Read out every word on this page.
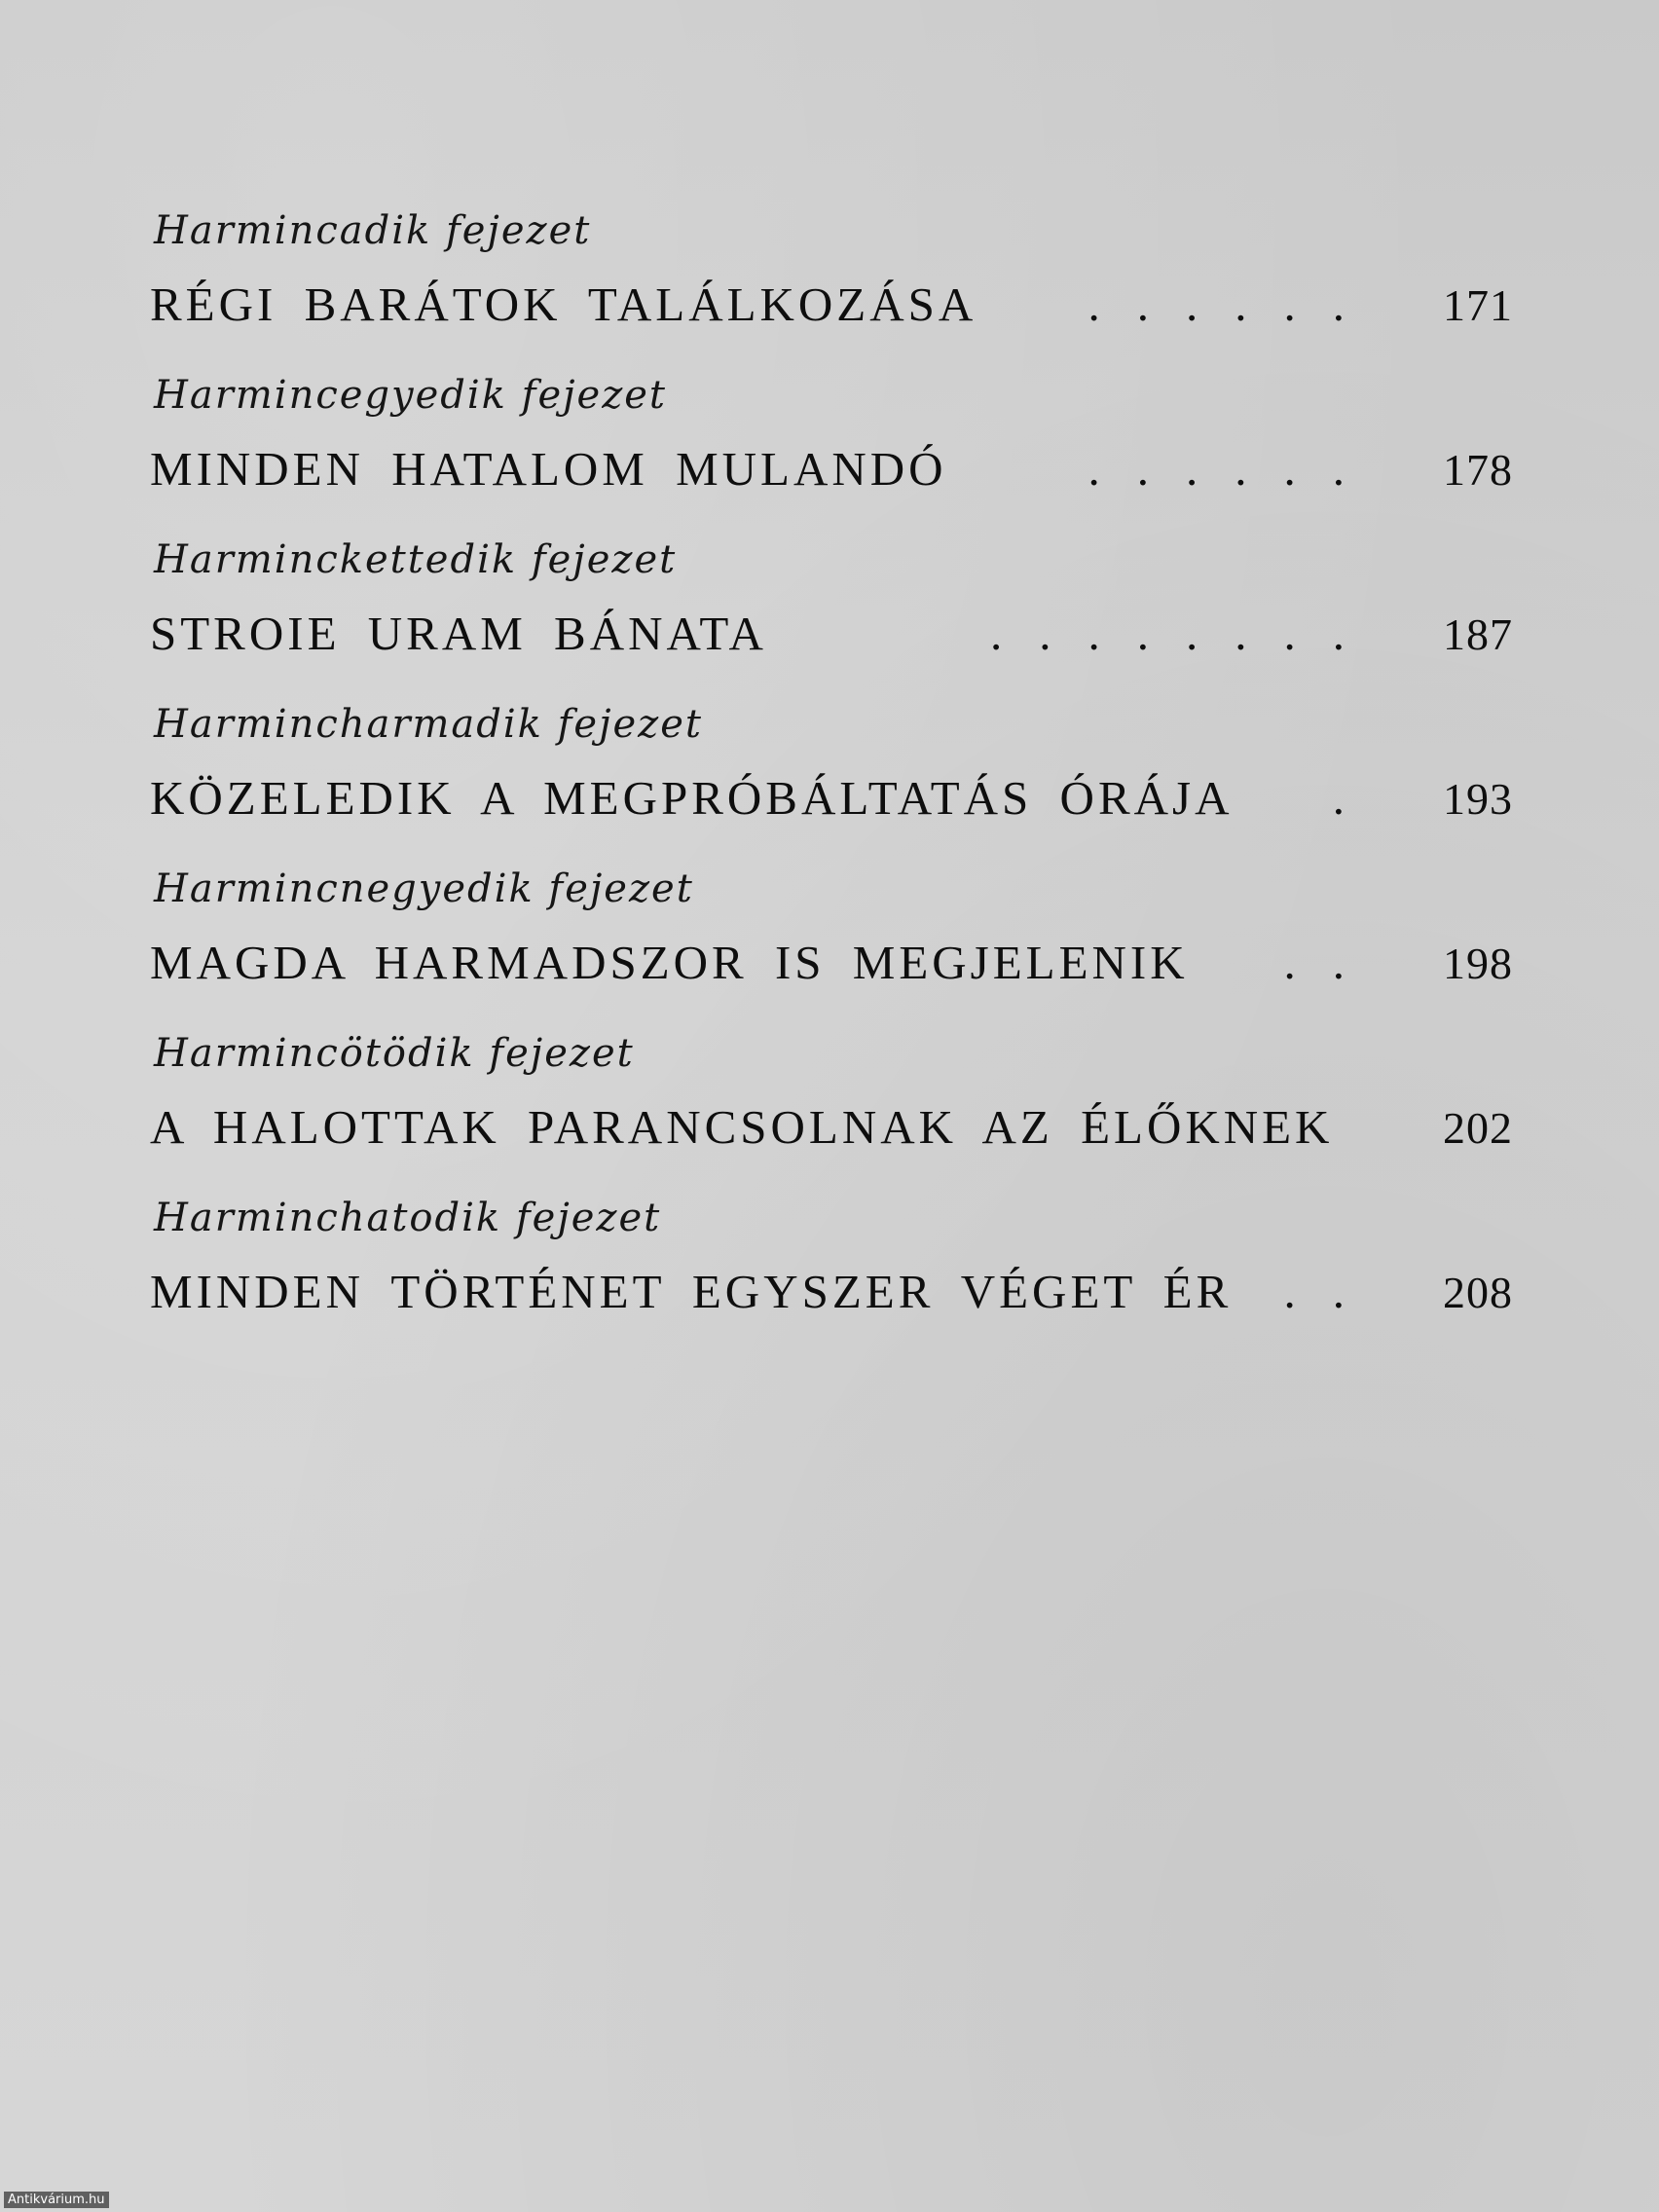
Harmincadik fejezet
RÉGI BARÁTOK TALÁLKOZÁSA	......	171
Harmincegyedik fejezet
MINDEN HATALOM MULANDÓ	......	178
Harminckettedik fejezet
STROIE URAM BÁNATA	........	187
Harmincharmadik fejezet
KÖZELEDIK A MEGPRÓBÁLTATÁS ÓRÁJA	.	193
Harmincnegyedik fejezet
MAGDA HARMADSZOR IS MEGJELENIK	..	198
Harmincötödik fejezet
A HALOTTAK PARANCSOLNAK AZ ÉLŐKNEK	202
Harminchatodik fejezet
MINDEN TÖRTÉNET EGYSZER VÉGET ÉR	..	208
Antikvárium.hu
